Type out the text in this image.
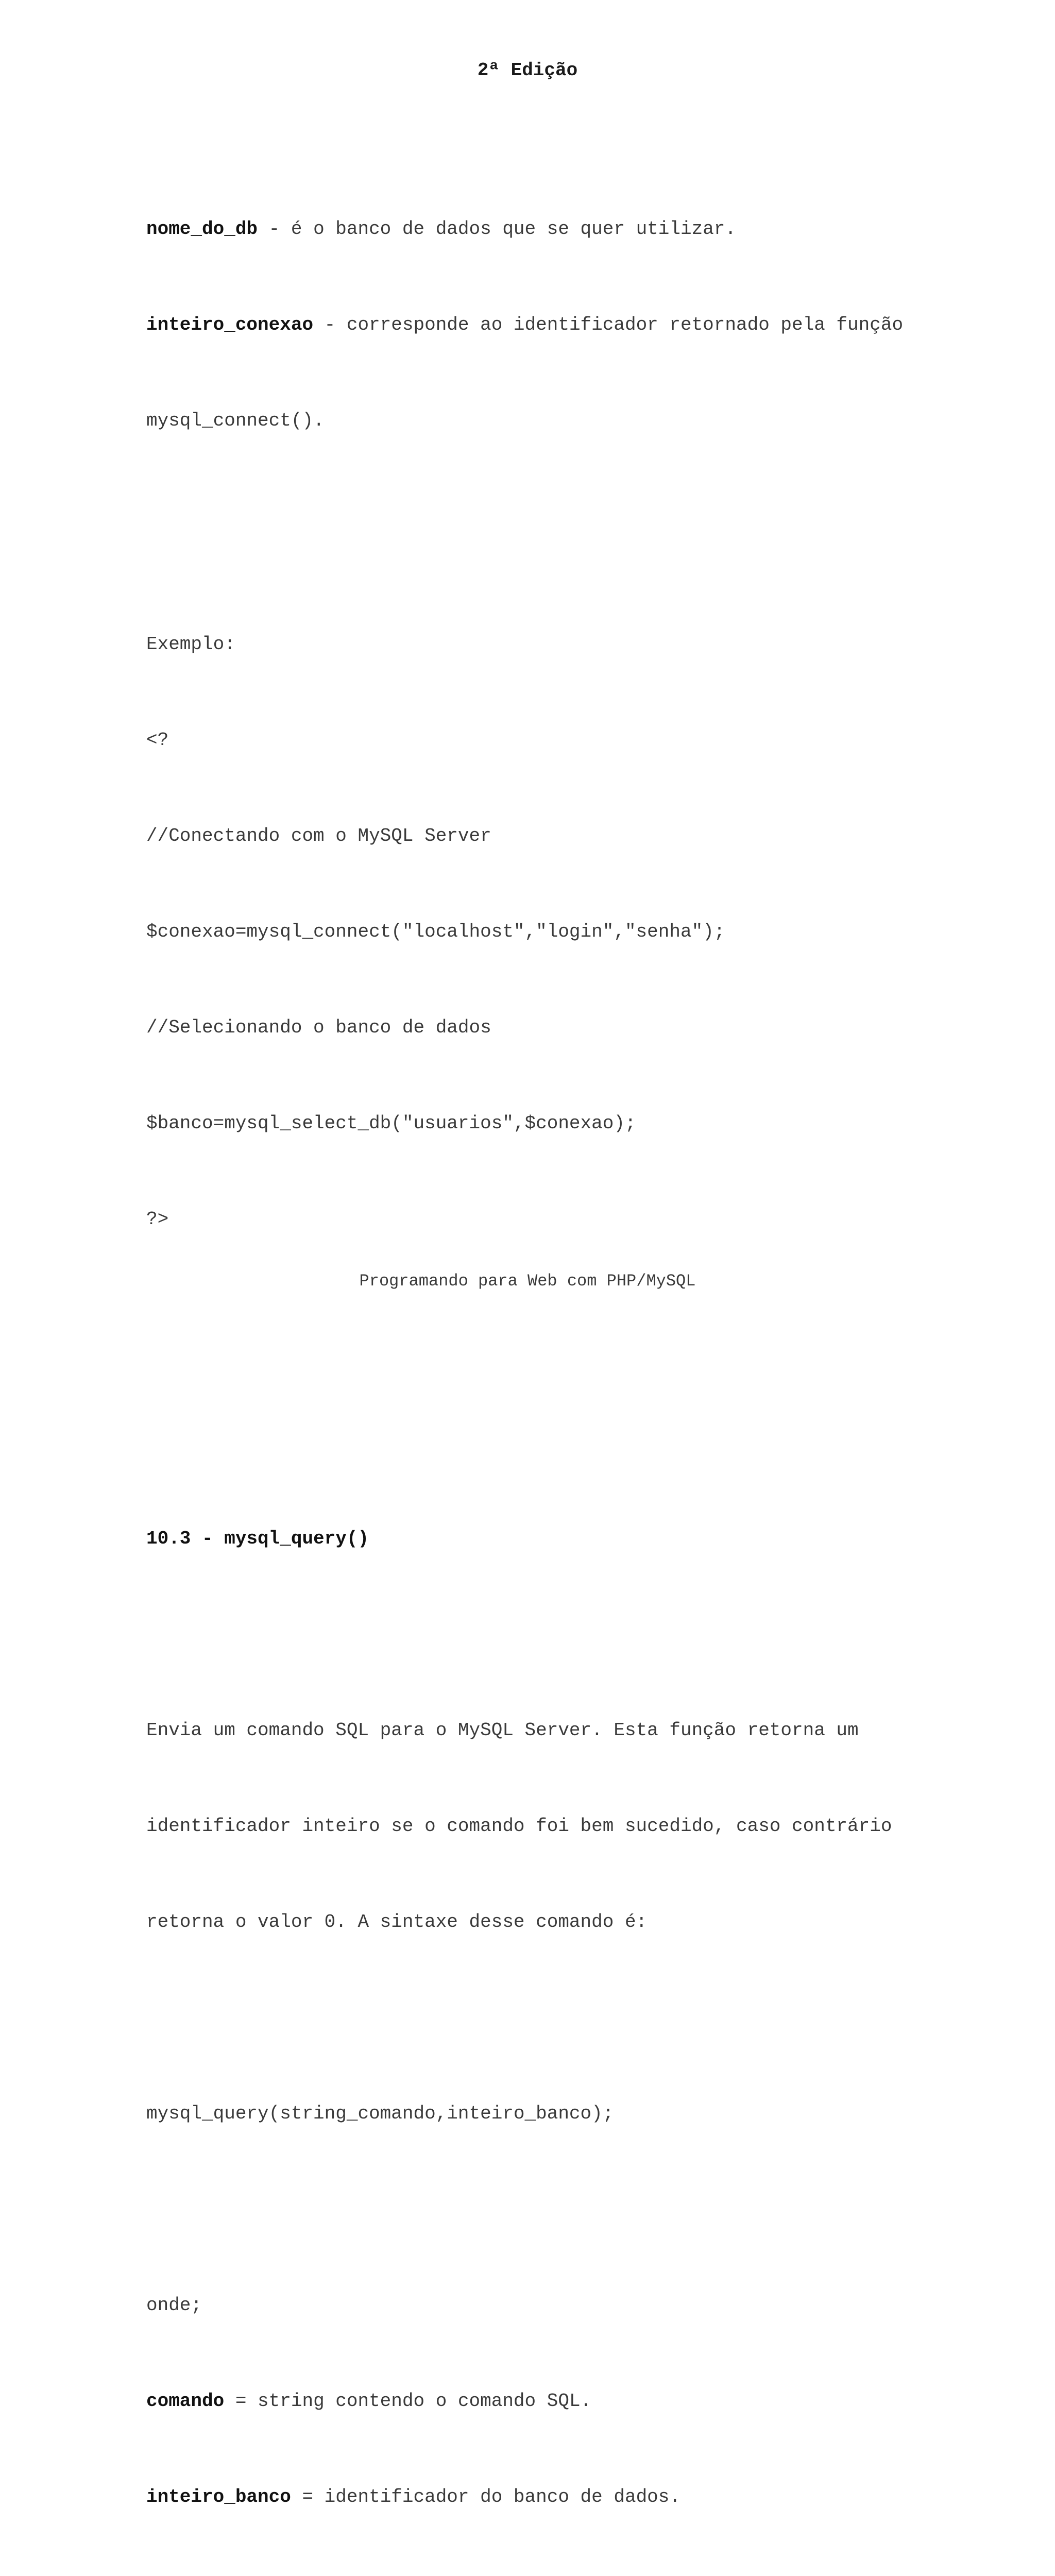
2ª Edição

nome_do_db - é o banco de dados que se quer utilizar.

inteiro_conexao - corresponde ao identificador retornado pela função

mysql_connect().

Exemplo:

<?

//Conectando com o MySQL Server

$conexao=mysql_connect("localhost","login","senha");

//Selecionando o banco de dados

$banco=mysql_select_db("usuarios",$conexao);

?>

10.3 - mysql_query()

Envia um comando SQL para o MySQL Server. Esta função retorna um

identificador inteiro se o comando foi bem sucedido, caso contrário

retorna o valor 0. A sintaxe desse comando é:

mysql_query(string_comando,inteiro_banco);

onde;

comando = string contendo o comando SQL.

inteiro_banco = identificador do banco de dados.

Programando para Web com PHP/MySQL
